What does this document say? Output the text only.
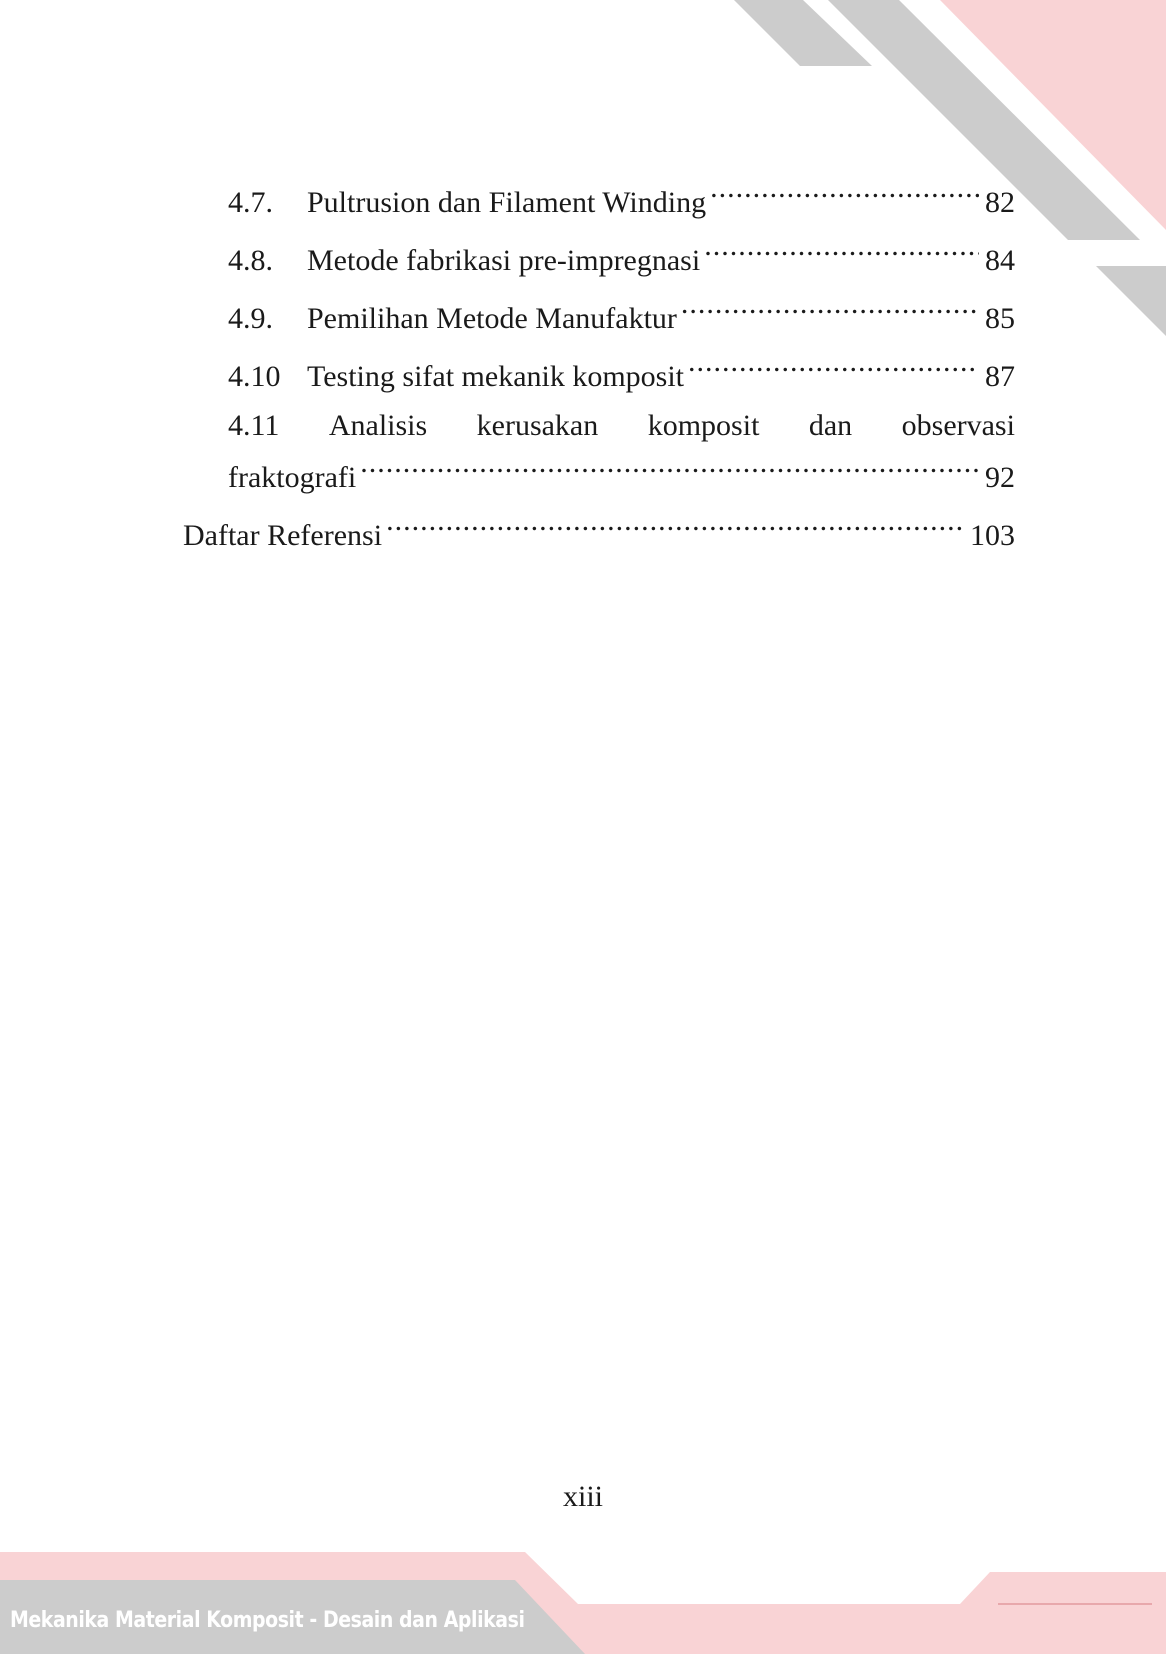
4.7.	Pultrusion dan Filament Winding .....	82
4.8.	Metode fabrikasi pre-impregnasi .....	84
4.9.	Pemilihan Metode Manufaktur .....	85
4.10 Testing sifat mekanik komposit .....	87
4.11 Analisis kerusakan komposit dan observasi
fraktografi .....	92
Daftar Referensi .....	103
xiii
Mekanika Material Komposit - Desain dan Aplikasi
